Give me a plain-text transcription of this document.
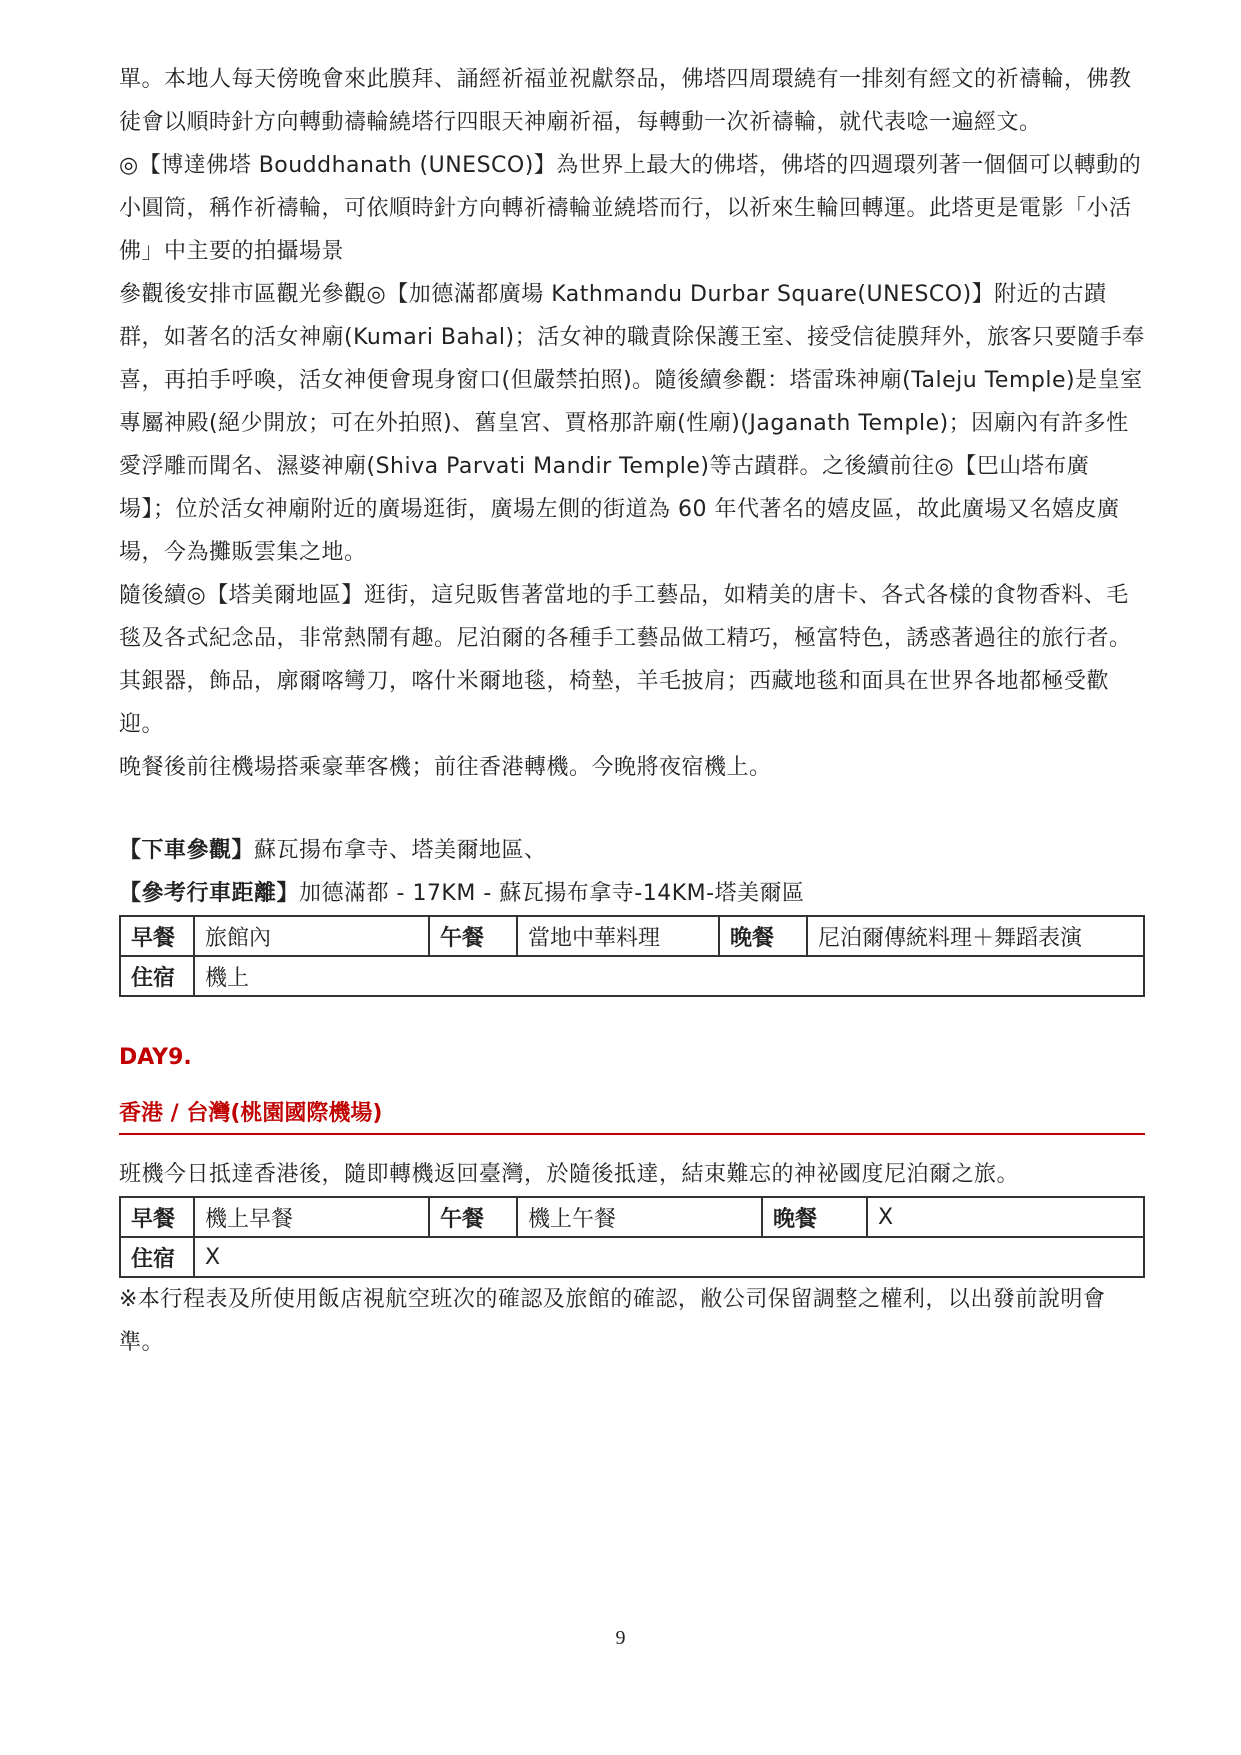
單。本地人每天傍晚會來此膜拜、誦經祈福並祝獻祭品，佛塔四周環繞有一排刻有經文的祈禱輪，佛教徒會以順時針方向轉動禱輪繞塔行四眼天神廟祈福，每轉動一次祈禱輪，就代表唸一遍經文。

◎【博達佛塔 Bouddhanath (UNESCO)】為世界上最大的佛塔，佛塔的四週環列著一個個可以轉動的小圓筒，稱作祈禱輪，可依順時針方向轉祈禱輪並繞塔而行，以祈來生輪回轉運。此塔更是電影「小活佛」中主要的拍攝場景

參觀後安排市區觀光參觀◎【加德滿都廣場 Kathmandu Durbar Square(UNESCO)】附近的古蹟群，如著名的活女神廟(Kumari Bahal)；活女神的職責除保護王室、接受信徒膜拜外，旅客只要隨手奉喜，再拍手呼喚，活女神便會現身窗口(但嚴禁拍照)。隨後續參觀：塔雷珠神廟(Taleju Temple)是皇室專屬神殿(絕少開放；可在外拍照)、舊皇宮、賈格那許廟(性廟)(Jaganath Temple)；因廟內有許多性愛浮雕而聞名、濕婆神廟(Shiva Parvati Mandir Temple)等古蹟群。之後續前往◎【巴山塔布廣場】；位於活女神廟附近的廣場逛街，廣場左側的街道為 60 年代著名的嬉皮區，故此廣場又名嬉皮廣場，今為攤販雲集之地。

隨後續◎【塔美爾地區】逛街，這兒販售著當地的手工藝品，如精美的唐卡、各式各樣的食物香料、毛毯及各式紀念品，非常熱鬧有趣。尼泊爾的各種手工藝品做工精巧，極富特色，誘惑著過往的旅行者。其銀器，飾品，廓爾喀彎刀，喀什米爾地毯，椅墊，羊毛披肩；西藏地毯和面具在世界各地都極受歡迎。

晚餐後前往機場搭乘豪華客機；前往香港轉機。今晚將夜宿機上。

【下車參觀】蘇瓦揚布拿寺、塔美爾地區、

【參考行車距離】加德滿都 - 17KM - 蘇瓦揚布拿寺-14KM-塔美爾區

早餐	旅館內	午餐	當地中華料理	晚餐	尼泊爾傳統料理＋舞蹈表演
住宿	機上				
DAY9.
香港 / 台灣(桃園國際機場)

班機今日抵達香港後，隨即轉機返回臺灣，於隨後抵達，結束難忘的神祕國度尼泊爾之旅。

早餐	機上早餐	午餐	機上午餐	晚餐	X
住宿	X				

※本行程表及所使用飯店視航空班次的確認及旅館的確認，敝公司保留調整之權利，以出發前說明會準。

9
